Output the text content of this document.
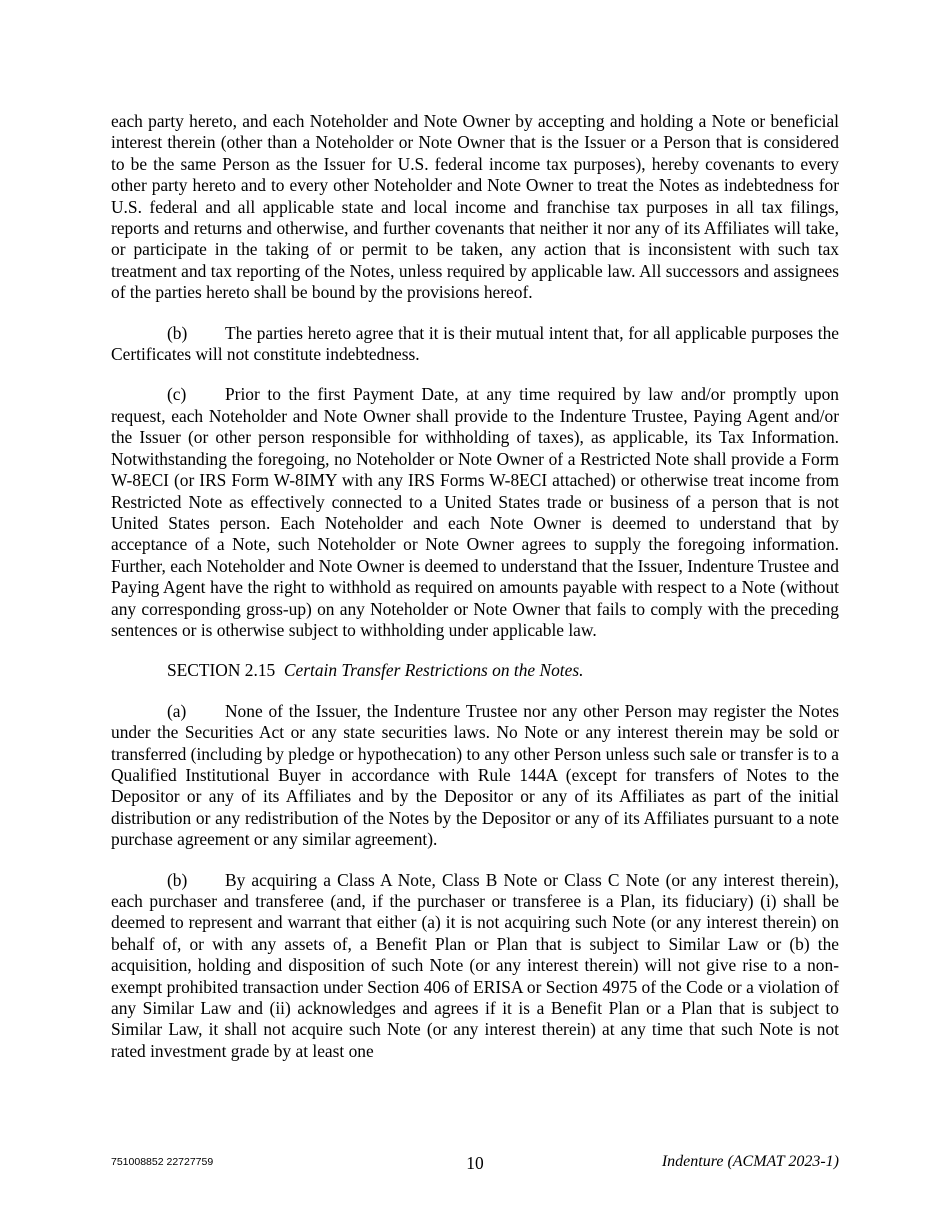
each party hereto, and each Noteholder and Note Owner by accepting and holding a Note or beneficial interest therein (other than a Noteholder or Note Owner that is the Issuer or a Person that is considered to be the same Person as the Issuer for U.S. federal income tax purposes), hereby covenants to every other party hereto and to every other Noteholder and Note Owner to treat the Notes as indebtedness for U.S. federal and all applicable state and local income and franchise tax purposes in all tax filings, reports and returns and otherwise, and further covenants that neither it nor any of its Affiliates will take, or participate in the taking of or permit to be taken, any action that is inconsistent with such tax treatment and tax reporting of the Notes, unless required by applicable law. All successors and assignees of the parties hereto shall be bound by the provisions hereof.

(b) The parties hereto agree that it is their mutual intent that, for all applicable purposes the Certificates will not constitute indebtedness.

(c) Prior to the first Payment Date, at any time required by law and/or promptly upon request, each Noteholder and Note Owner shall provide to the Indenture Trustee, Paying Agent and/or the Issuer (or other person responsible for withholding of taxes), as applicable, its Tax Information. Notwithstanding the foregoing, no Noteholder or Note Owner of a Restricted Note shall provide a Form W-8ECI (or IRS Form W-8IMY with any IRS Forms W-8ECI attached) or otherwise treat income from Restricted Note as effectively connected to a United States trade or business of a person that is not United States person. Each Noteholder and each Note Owner is deemed to understand that by acceptance of a Note, such Noteholder or Note Owner agrees to supply the foregoing information. Further, each Noteholder and Note Owner is deemed to understand that the Issuer, Indenture Trustee and Paying Agent have the right to withhold as required on amounts payable with respect to a Note (without any corresponding gross-up) on any Noteholder or Note Owner that fails to comply with the preceding sentences or is otherwise subject to withholding under applicable law.

SECTION 2.15 Certain Transfer Restrictions on the Notes.

(a) None of the Issuer, the Indenture Trustee nor any other Person may register the Notes under the Securities Act or any state securities laws. No Note or any interest therein may be sold or transferred (including by pledge or hypothecation) to any other Person unless such sale or transfer is to a Qualified Institutional Buyer in accordance with Rule 144A (except for transfers of Notes to the Depositor or any of its Affiliates and by the Depositor or any of its Affiliates as part of the initial distribution or any redistribution of the Notes by the Depositor or any of its Affiliates pursuant to a note purchase agreement or any similar agreement).

(b) By acquiring a Class A Note, Class B Note or Class C Note (or any interest therein), each purchaser and transferee (and, if the purchaser or transferee is a Plan, its fiduciary) (i) shall be deemed to represent and warrant that either (a) it is not acquiring such Note (or any interest therein) on behalf of, or with any assets of, a Benefit Plan or Plan that is subject to Similar Law or (b) the acquisition, holding and disposition of such Note (or any interest therein) will not give rise to a non-exempt prohibited transaction under Section 406 of ERISA or Section 4975 of the Code or a violation of any Similar Law and (ii) acknowledges and agrees if it is a Benefit Plan or a Plan that is subject to Similar Law, it shall not acquire such Note (or any interest therein) at any time that such Note is not rated investment grade by at least one

751008852 22727759	10	Indenture (ACMAT 2023-1)
